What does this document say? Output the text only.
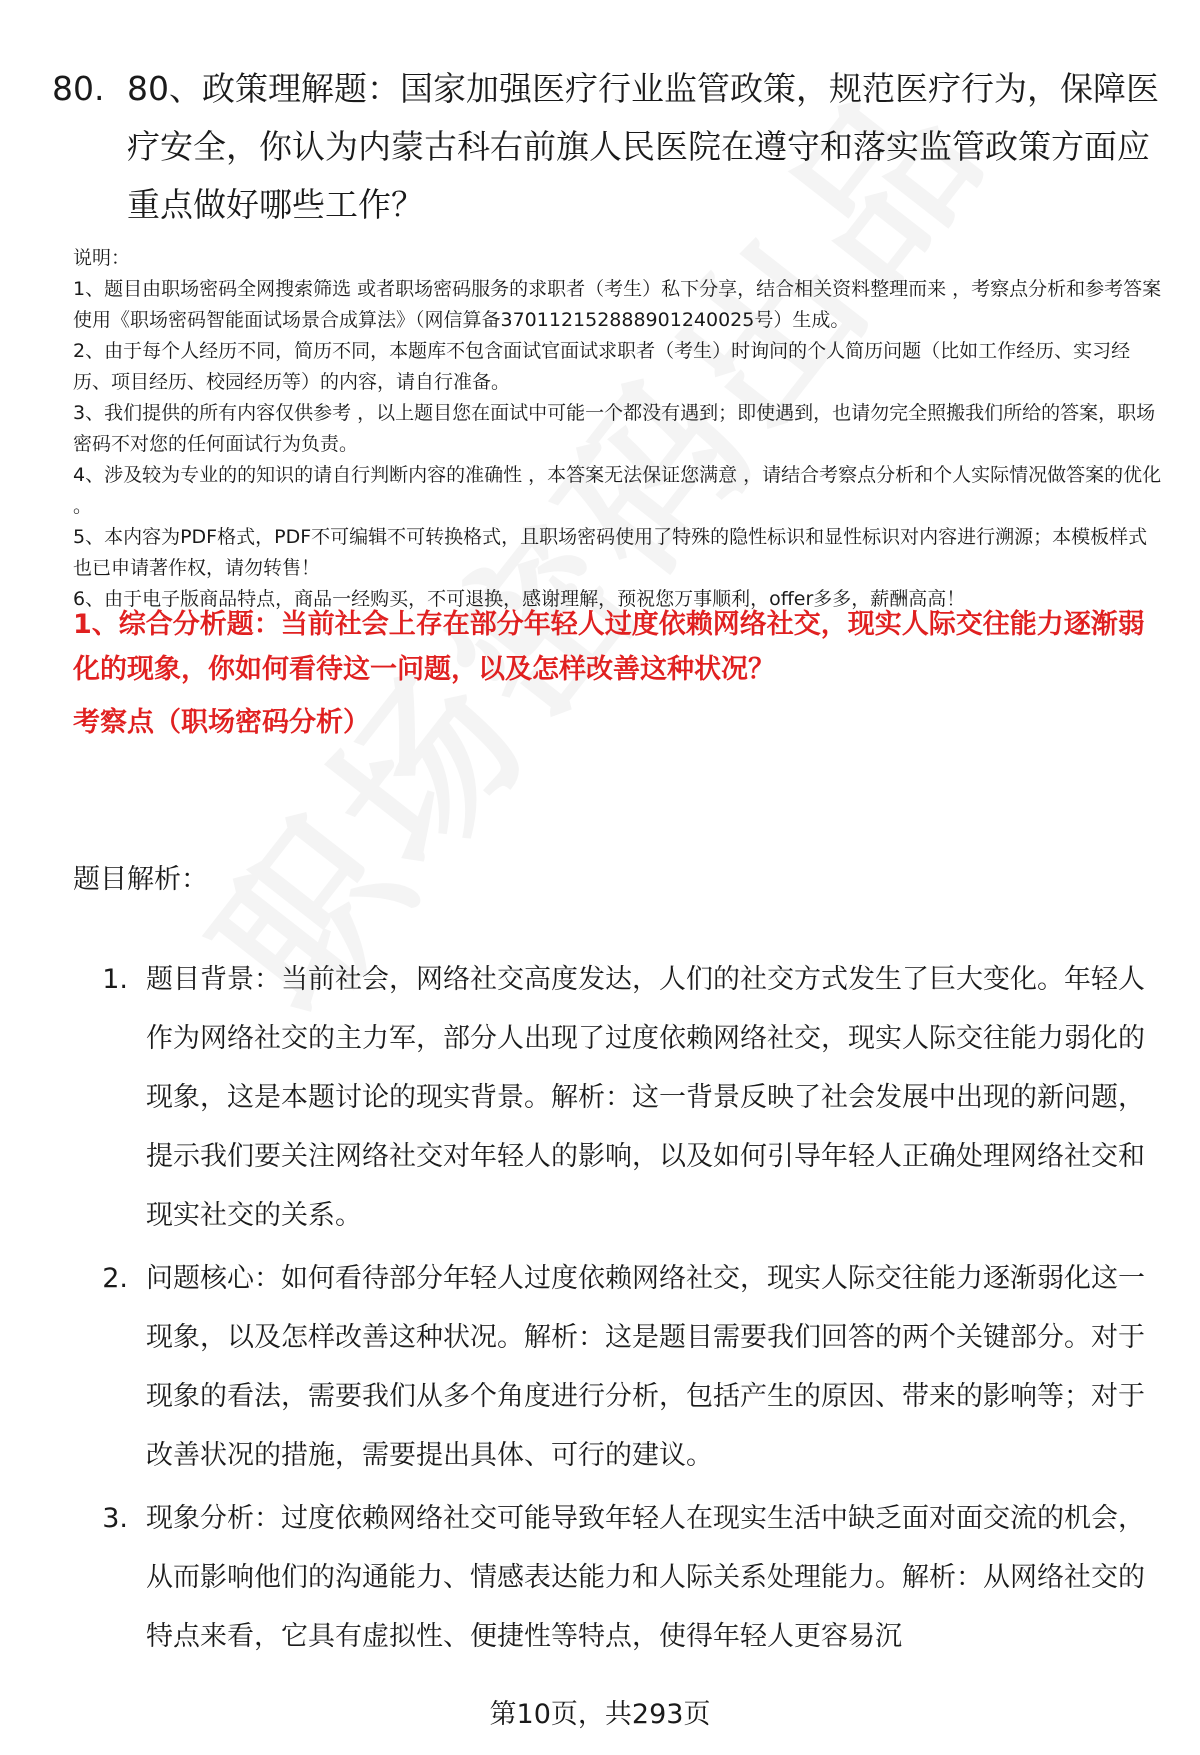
80. 80、政策理解题：国家加强医疗行业监管政策，规范医疗行为，保障医疗安全，你认为内蒙古科右前旗人民医院在遵守和落实监管政策方面应重点做好哪些工作？

说明：

1、题目由职场密码全网搜索筛选 或者职场密码服务的求职者（考生）私下分享，结合相关资料整理而来 ，考察点分析和参考答案使用《职场密码智能面试场景合成算法》（网信算备370112152888901240025号）生成。

2、由于每个人经历不同，简历不同，本题库不包含面试官面试求职者（考生）时询问的个人简历问题（比如工作经历、实习经历、项目经历、校园经历等）的内容，请自行准备。

3、我们提供的所有内容仅供参考 ，以上题目您在面试中可能一个都没有遇到；即使遇到，也请勿完全照搬我们所给的答案，职场密码不对您的任何面试行为负责。

4、涉及较为专业的的知识的请自行判断内容的准确性 ，本答案无法保证您满意 ，请结合考察点分析和个人实际情况做答案的优化 。

5、本内容为PDF格式，PDF不可编辑不可转换格式，且职场密码使用了特殊的隐性标识和显性标识对内容进行溯源；本模板样式也已申请著作权，请勿转售！

6、由于电子版商品特点，商品一经购买，不可退换，感谢理解，预祝您万事顺利，offer多多，薪酬高高！

1、综合分析题：当前社会上存在部分年轻人过度依赖网络社交，现实人际交往能力逐渐弱化的现象，你如何看待这一问题，以及怎样改善这种状况？
考察点（职场密码分析）
题目解析：
1. 题目背景：当前社会，网络社交高度发达，人们的社交方式发生了巨大变化。年轻人作为网络社交的主力军，部分人出现了过度依赖网络社交，现实人际交往能力弱化的现象，这是本题讨论的现实背景。解析：这一背景反映了社会发展中出现的新问题，提示我们要关注网络社交对年轻人的影响，以及如何引导年轻人正确处理网络社交和现实社交的关系。
2. 问题核心：如何看待部分年轻人过度依赖网络社交，现实人际交往能力逐渐弱化这一现象，以及怎样改善这种状况。解析：这是题目需要我们回答的两个关键部分。对于现象的看法，需要我们从多个角度进行分析，包括产生的原因、带来的影响等；对于改善状况的措施，需要提出具体、可行的建议。
3. 现象分析：过度依赖网络社交可能导致年轻人在现实生活中缺乏面对面交流的机会，从而影响他们的沟通能力、情感表达能力和人际关系处理能力。解析：从网络社交的特点来看，它具有虚拟性、便捷性等特点，使得年轻人更容易沉
第10页，共293页
